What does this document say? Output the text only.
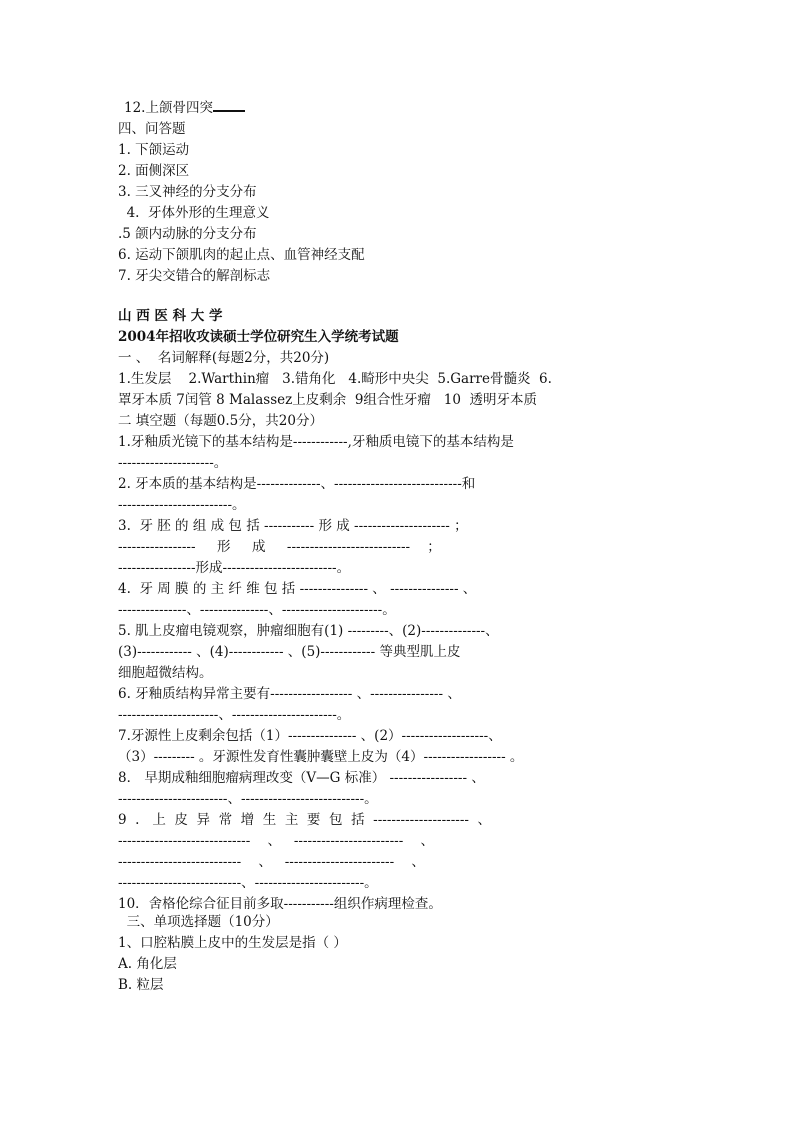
12.上颌骨四突
四、问答题
1. 下颌运动
2. 面侧深区
3. 三叉神经的分支分布
4.  牙体外形的生理意义
.5 颌内动脉的分支分布
6. 运动下颌肌肉的起止点、血管神经支配
7. 牙尖交错合的解剖标志
山 西 医 科 大 学
2004年招收攻读硕士学位研究生入学统考试题
一 、  名词解释(每题2分，共20分)
1.生发层    2.Warthin瘤   3.错角化   4.畸形中央尖  5.Garre骨髓炎  6.
罩牙本质 7闰管 8 Malassez上皮剩余  9组合性牙瘤   10  透明牙本质
二 填空题（每题0.5分，共20分）
1.牙釉质光镜下的基本结构是------------,牙釉质电镜下的基本结构是
---------------------。
2. 牙本质的基本结构是--------------、----------------------------和
-------------------------。
3.  牙 胚 的 组 成 包 括 ----------- 形 成 --------------------- ；
-----------------     形     成     ---------------------------    ；
-----------------形成-------------------------。
4.  牙 周 膜 的 主 纤 维 包 括 --------------- 、 --------------- 、
---------------、---------------、----------------------。
5. 肌上皮瘤电镜观察，肿瘤细胞有(1) ---------、(2)--------------、
(3)------------ 、(4)------------ 、(5)------------ 等典型肌上皮
细胞超微结构。
6. 牙釉质结构异常主要有------------------ 、---------------- 、
----------------------、-----------------------。
7.牙源性上皮剩余包括（1）--------------- 、(2）-------------------、
（3）--------- 。牙源性发育性囊肿囊壁上皮为（4）------------------ 。
8． 早期成釉细胞瘤病理改变（V—G 标准） ----------------- 、
------------------------、---------------------------。
9  .   上  皮  异  常  增  生  主  要  包  括  ---------------------  、
-----------------------------    、   ------------------------    、
---------------------------    、   ------------------------    、
---------------------------、------------------------。
10．舍格伦综合征目前多取-----------组织作病理检查。
三、单项选择题（10分）
1、口腔粘膜上皮中的生发层是指（ ）
A. 角化层
B. 粒层
